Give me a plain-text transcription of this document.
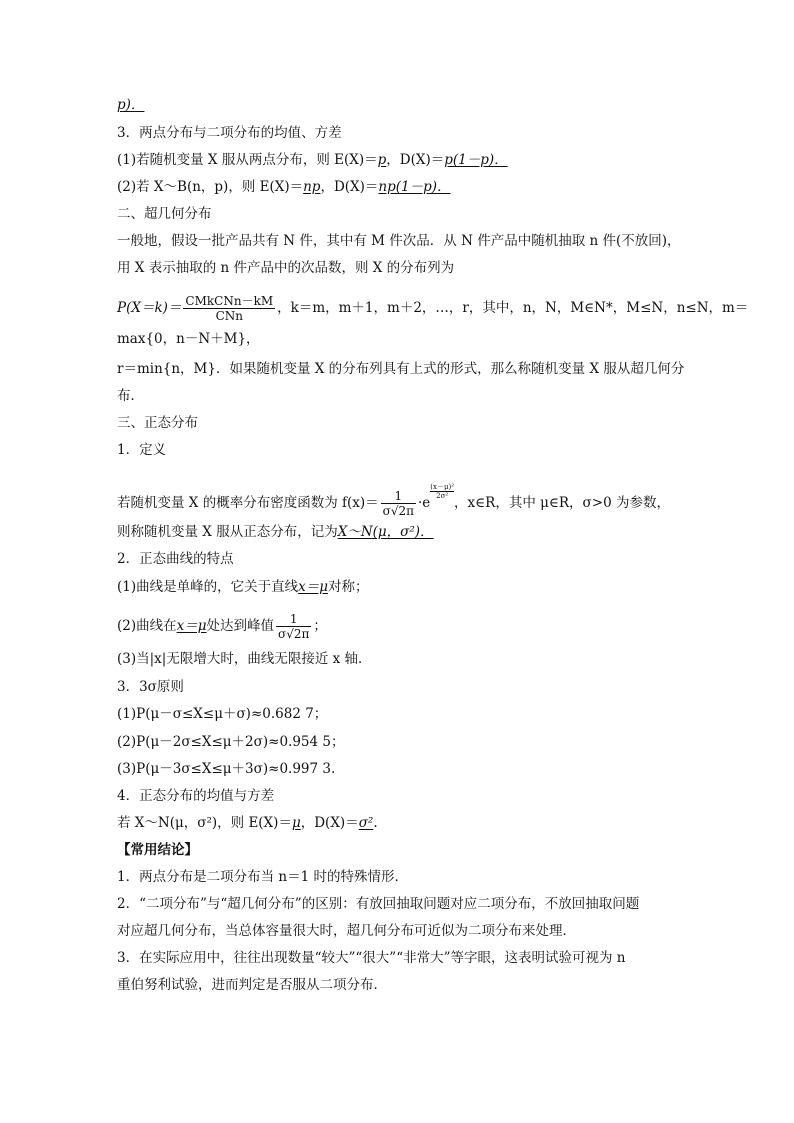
p)．
3．两点分布与二项分布的均值、方差
(1)若随机变量 X 服从两点分布，则 E(X)＝p，D(X)＝p(1－p)．
(2)若 X～B(n，p)，则 E(X)＝np，D(X)＝np(1－p)．
二、超几何分布
一般地，假设一批产品共有 N 件，其中有 M 件次品．从 N 件产品中随机抽取 n 件(不放回)，
用 X 表示抽取的 n 件产品中的次品数，则 X 的分布列为
$P(X=k)= \frac{\text{CMkCNn－kM}}{\text{CNn}}$ ，k＝m，m＋1，m＋2，…，r，其中，n，N，M∈N*，M≤N，n≤N，m＝
max{0，n－N＋M}，
r＝min{n，M}．如果随机变量 X 的分布列具有上式的形式，那么称随机变量 X 服从超几何分
布．
三、正态分布
1．定义
若随机变量 X 的概率分布密度函数为 $f(x)= \frac{1}{\sigma√2\pi} \cdot e$
$\frac{\text{(x－μ)²}}{\text{2σ²}}$，x∈R，其中 μ∈R，σ>0 为参数，
则称随机变量 X 服从正态分布，记为X～N(μ，σ²)．
2．正态曲线的特点
(1)曲线是单峰的，它关于直线x＝μ对称；
(2)曲线在x＝μ处达到峰值 $\frac{1}{\sigma√2\pi}$ ；
(3)当|x|无限增大时，曲线无限接近 x 轴．
3．3σ原则
(1)P(μ－σ≤X≤μ＋σ)≈0.682 7；
(2)P(μ－2σ≤X≤μ＋2σ)≈0.954 5；
(3)P(μ－3σ≤X≤μ＋3σ)≈0.997 3.
4．正态分布的均值与方差
若 X～N(μ，σ²)，则 E(X)＝μ，D(X)＝σ².
【常用结论】
1．两点分布是二项分布当 n＝1 时的特殊情形．
2．“二项分布”与“超几何分布”的区别：有放回抽取问题对应二项分布，不放回抽取问题
对应超几何分布，当总体容量很大时，超几何分布可近似为二项分布来处理．
3．在实际应用中，往往出现数量“较大”“很大”“非常大”等字眼，这表明试验可视为 n
重伯努利试验，进而判定是否服从二项分布．
